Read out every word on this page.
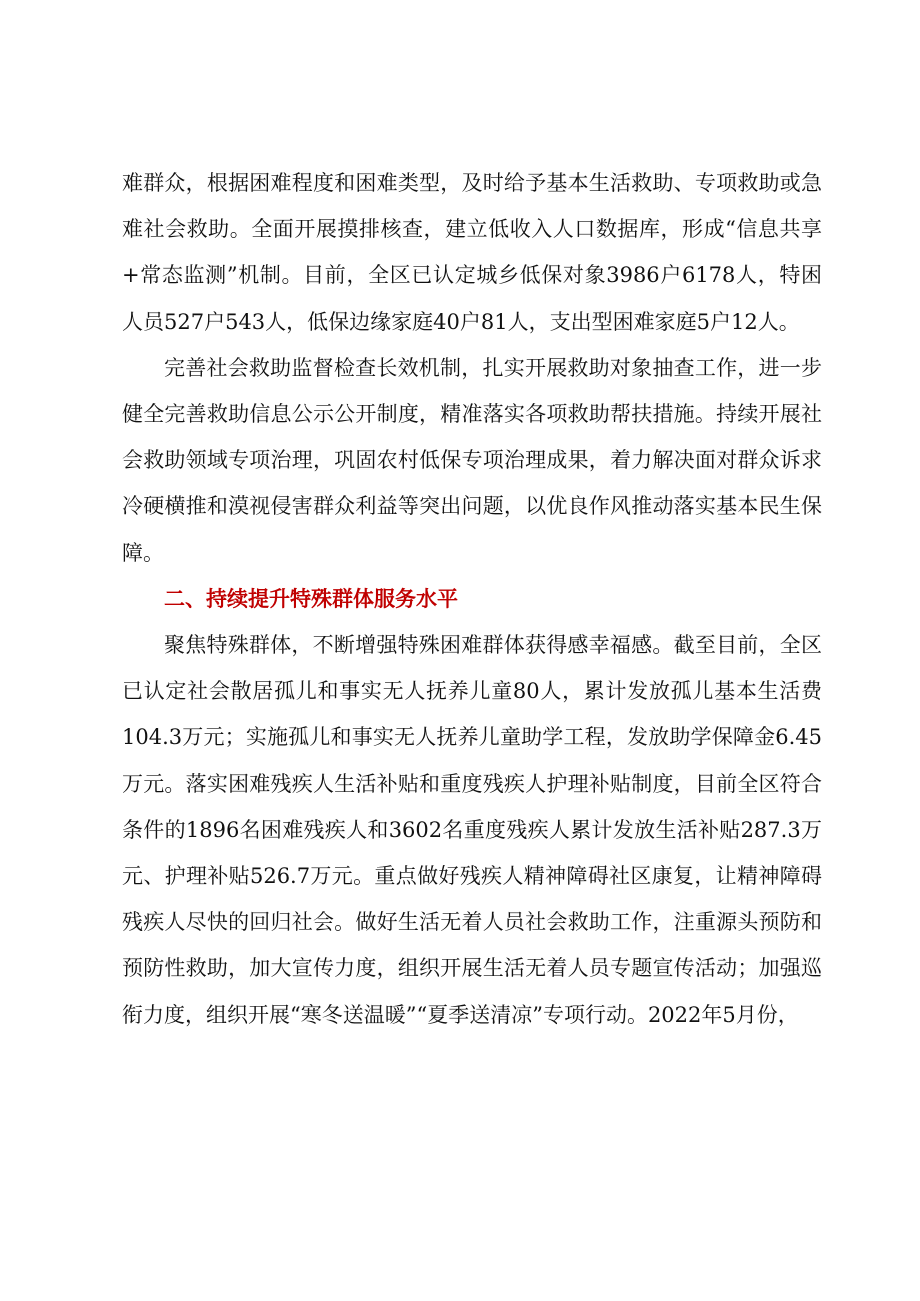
难群众，根据困难程度和困难类型，及时给予基本生活救助、专项救助或急难社会救助。全面开展摸排核查，建立低收入人口数据库，形成“信息共享+常态监测”机制。目前，全区已认定城乡低保对象3986户6178人，特困人员527户543人，低保边缘家庭40户81人，支出型困难家庭5户12人。

完善社会救助监督检查长效机制，扎实开展救助对象抽查工作，进一步健全完善救助信息公示公开制度，精准落实各项救助帮扶措施。持续开展社会救助领域专项治理，巩固农村低保专项治理成果，着力解决面对群众诉求冷硬横推和漠视侵害群众利益等突出问题，以优良作风推动落实基本民生保障。

二、持续提升特殊群体服务水平

聚焦特殊群体，不断增强特殊困难群体获得感幸福感。截至目前，全区已认定社会散居孤儿和事实无人抚养儿童80人，累计发放孤儿基本生活费104.3万元；实施孤儿和事实无人抚养儿童助学工程，发放助学保障金6.45万元。落实困难残疾人生活补贴和重度残疾人护理补贴制度，目前全区符合条件的1896名困难残疾人和3602名重度残疾人累计发放生活补贴287.3万元、护理补贴526.7万元。重点做好残疾人精神障碍社区康复，让精神障碍残疾人尽快的回归社会。做好生活无着人员社会救助工作，注重源头预防和预防性救助，加大宣传力度，组织开展生活无着人员专题宣传活动；加强巡衔力度，组织开展“寒冬送温暖”“夏季送清凉”专项行动。2022年5月份，
